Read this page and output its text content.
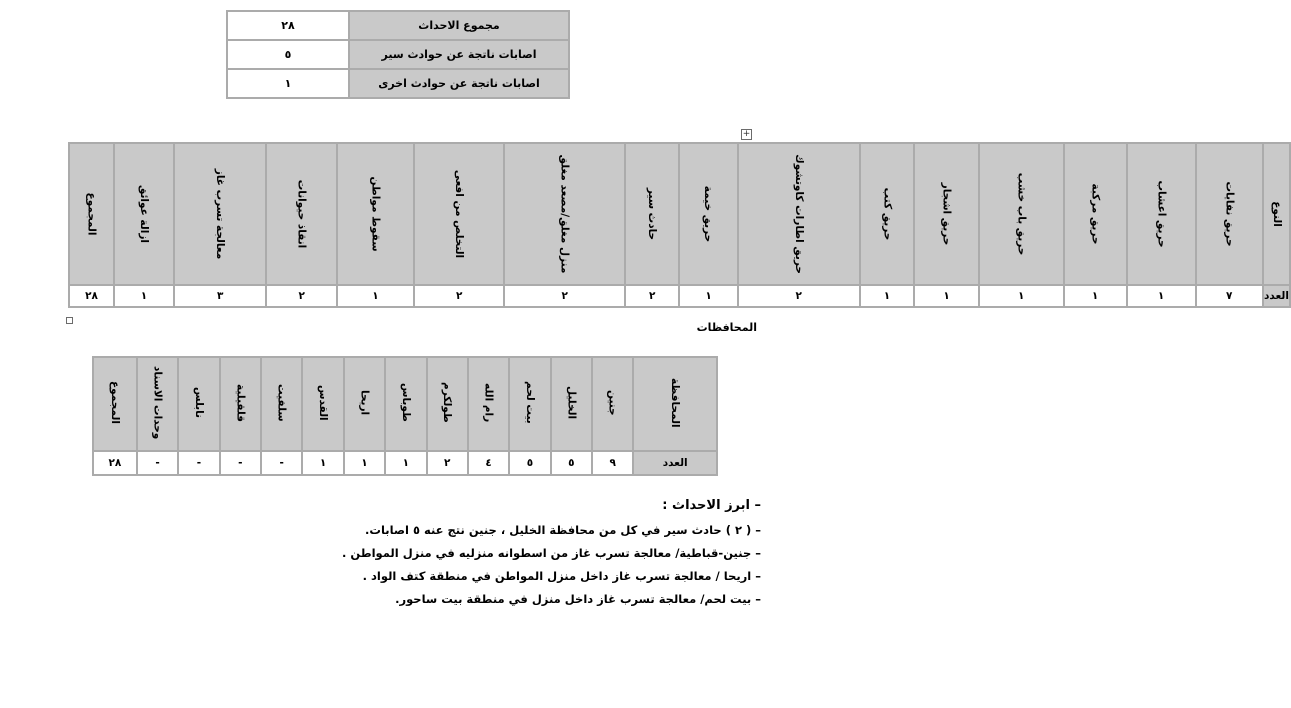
٢٨	مجموع الاحداث
٥	اصابات ناتجة عن حوادث سير
١	اصابات ناتجة عن حوادث اخرى
+
المجموع	ازالة عوائق	معالجة تسرب غاز	انقاذ حيوانات	سقوط مواطن	التخلص من افعى	منزل مغلق/مصعد مغلق	حادث سير	حريق خيمة	حريق اطارات كاوتشوك	حريق كتب	حريق اشجار	حريق باب خشب	حريق مركبة	حريق اعشاب	حريق نفايات	النوع
٢٨	١	٣	٢	١	٢	٢	٢	١	٢	١	١	١	١	١	٧	العدد
المحافظات
المجموع	وحدات الاسناد	نابلس	قلقيلية	سلفيت	القدس	اريحا	طوباس	طولكرم	رام الله	بيت لحم	الخليل	جنين	المحافظة
٢٨	-	-	-	-	١	١	١	٢	٤	٥	٥	٩	العدد
– ابرز الاحداث :
– ( ٢ ) حادث سير في كل من محافظة الخليل ، جنين نتج عنه ٥ اصابات.
– جنين-قباطية/ معالجة تسرب غاز من اسطوانه منزليه في منزل المواطن .
– اريحا / معالجة تسرب غاز داخل منزل المواطن في منطقة كتف الواد .
– بيت لحم/ معالجة تسرب غاز داخل منزل في منطقة بيت ساحور.
